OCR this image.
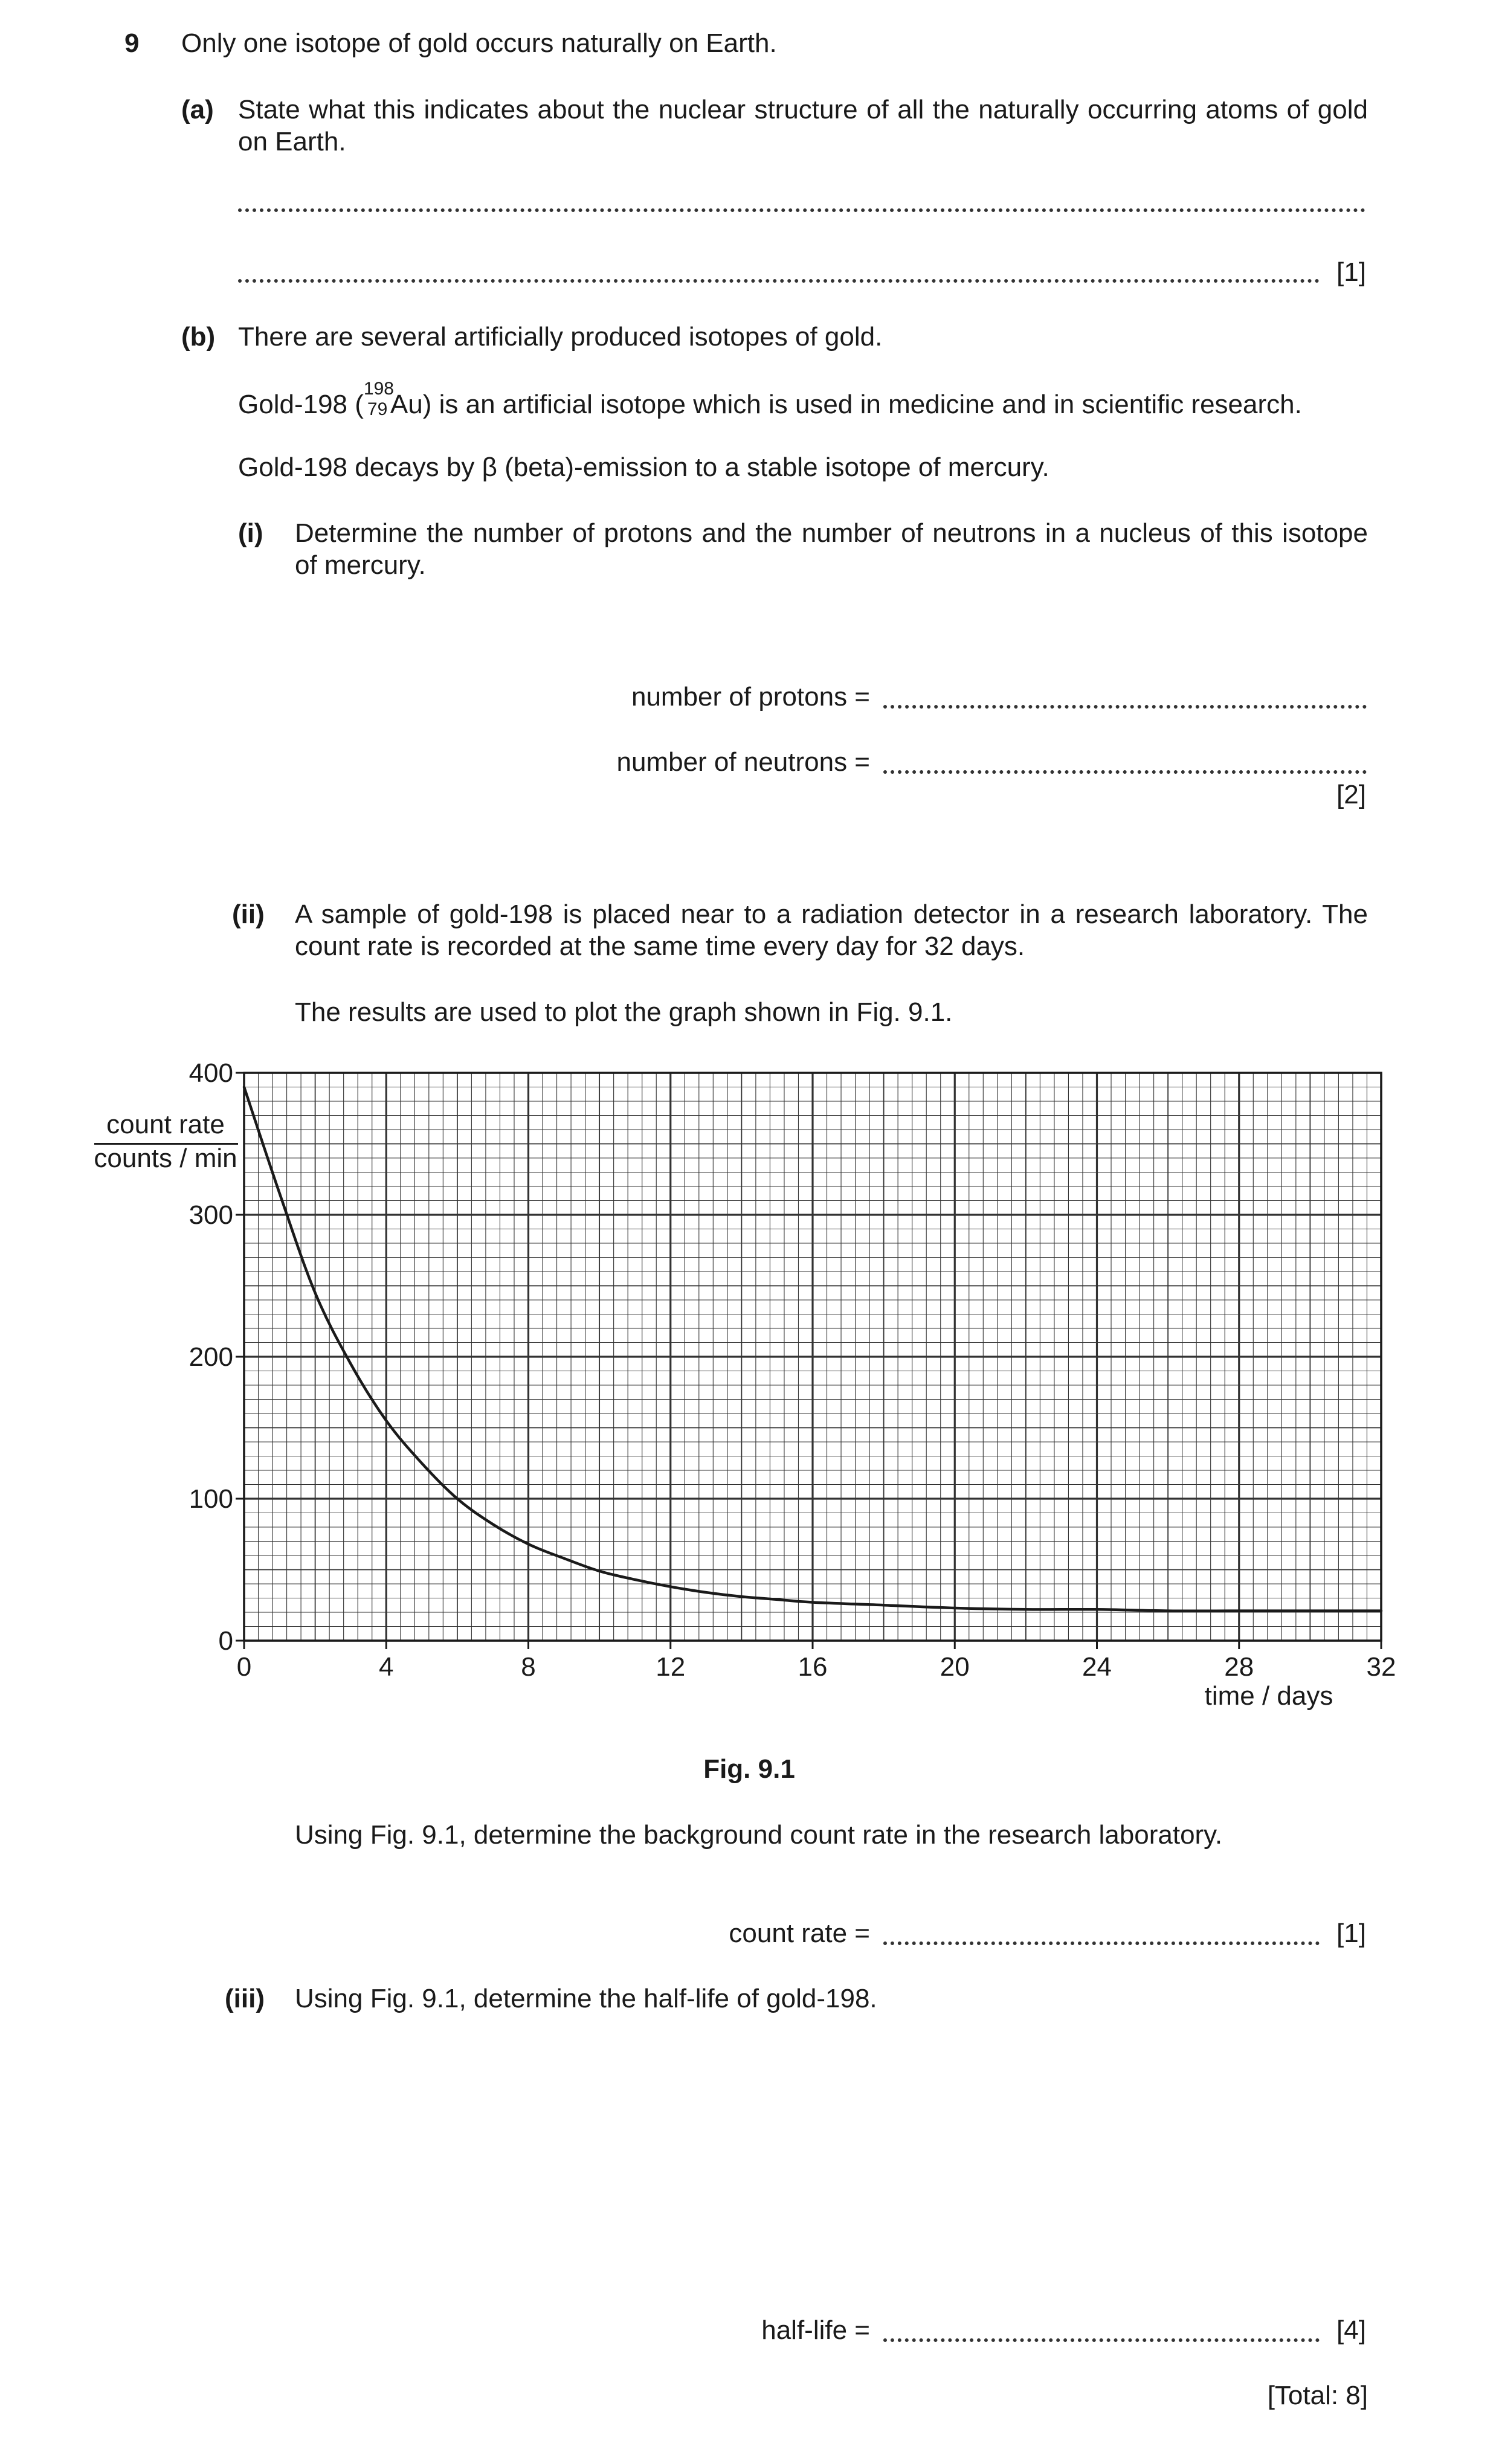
9 Only one isotope of gold occurs naturally on Earth.
(a) State what this indicates about the nuclear structure of all the naturally occurring atoms of gold on Earth.
[1]
(b) There are several artificially produced isotopes of gold.
Gold-198 (
198
79 Au) is an artificial isotope which is used in medicine and in scientific research.
Gold-198 decays by β (beta)-emission to a stable isotope of mercury.
(i) Determine the number of protons and the number of neutrons in a nucleus of this isotope of mercury.
number of protons =
number of neutrons =
[2]
(ii) A sample of gold-198 is placed near to a radiation detector in a research laboratory. The count rate is recorded at the same time every day for 32 days.
The results are used to plot the graph shown in Fig. 9.1.
0	4	8	12	16	20	24	28	32
0
100
200
300
400
count rate
counts / min
time / days
Fig. 9.1
Using Fig. 9.1, determine the background count rate in the research laboratory.
count rate =	[1]
(iii) Using Fig. 9.1, determine the half-life of gold-198.
half-life =	[4]
[Total: 8]
